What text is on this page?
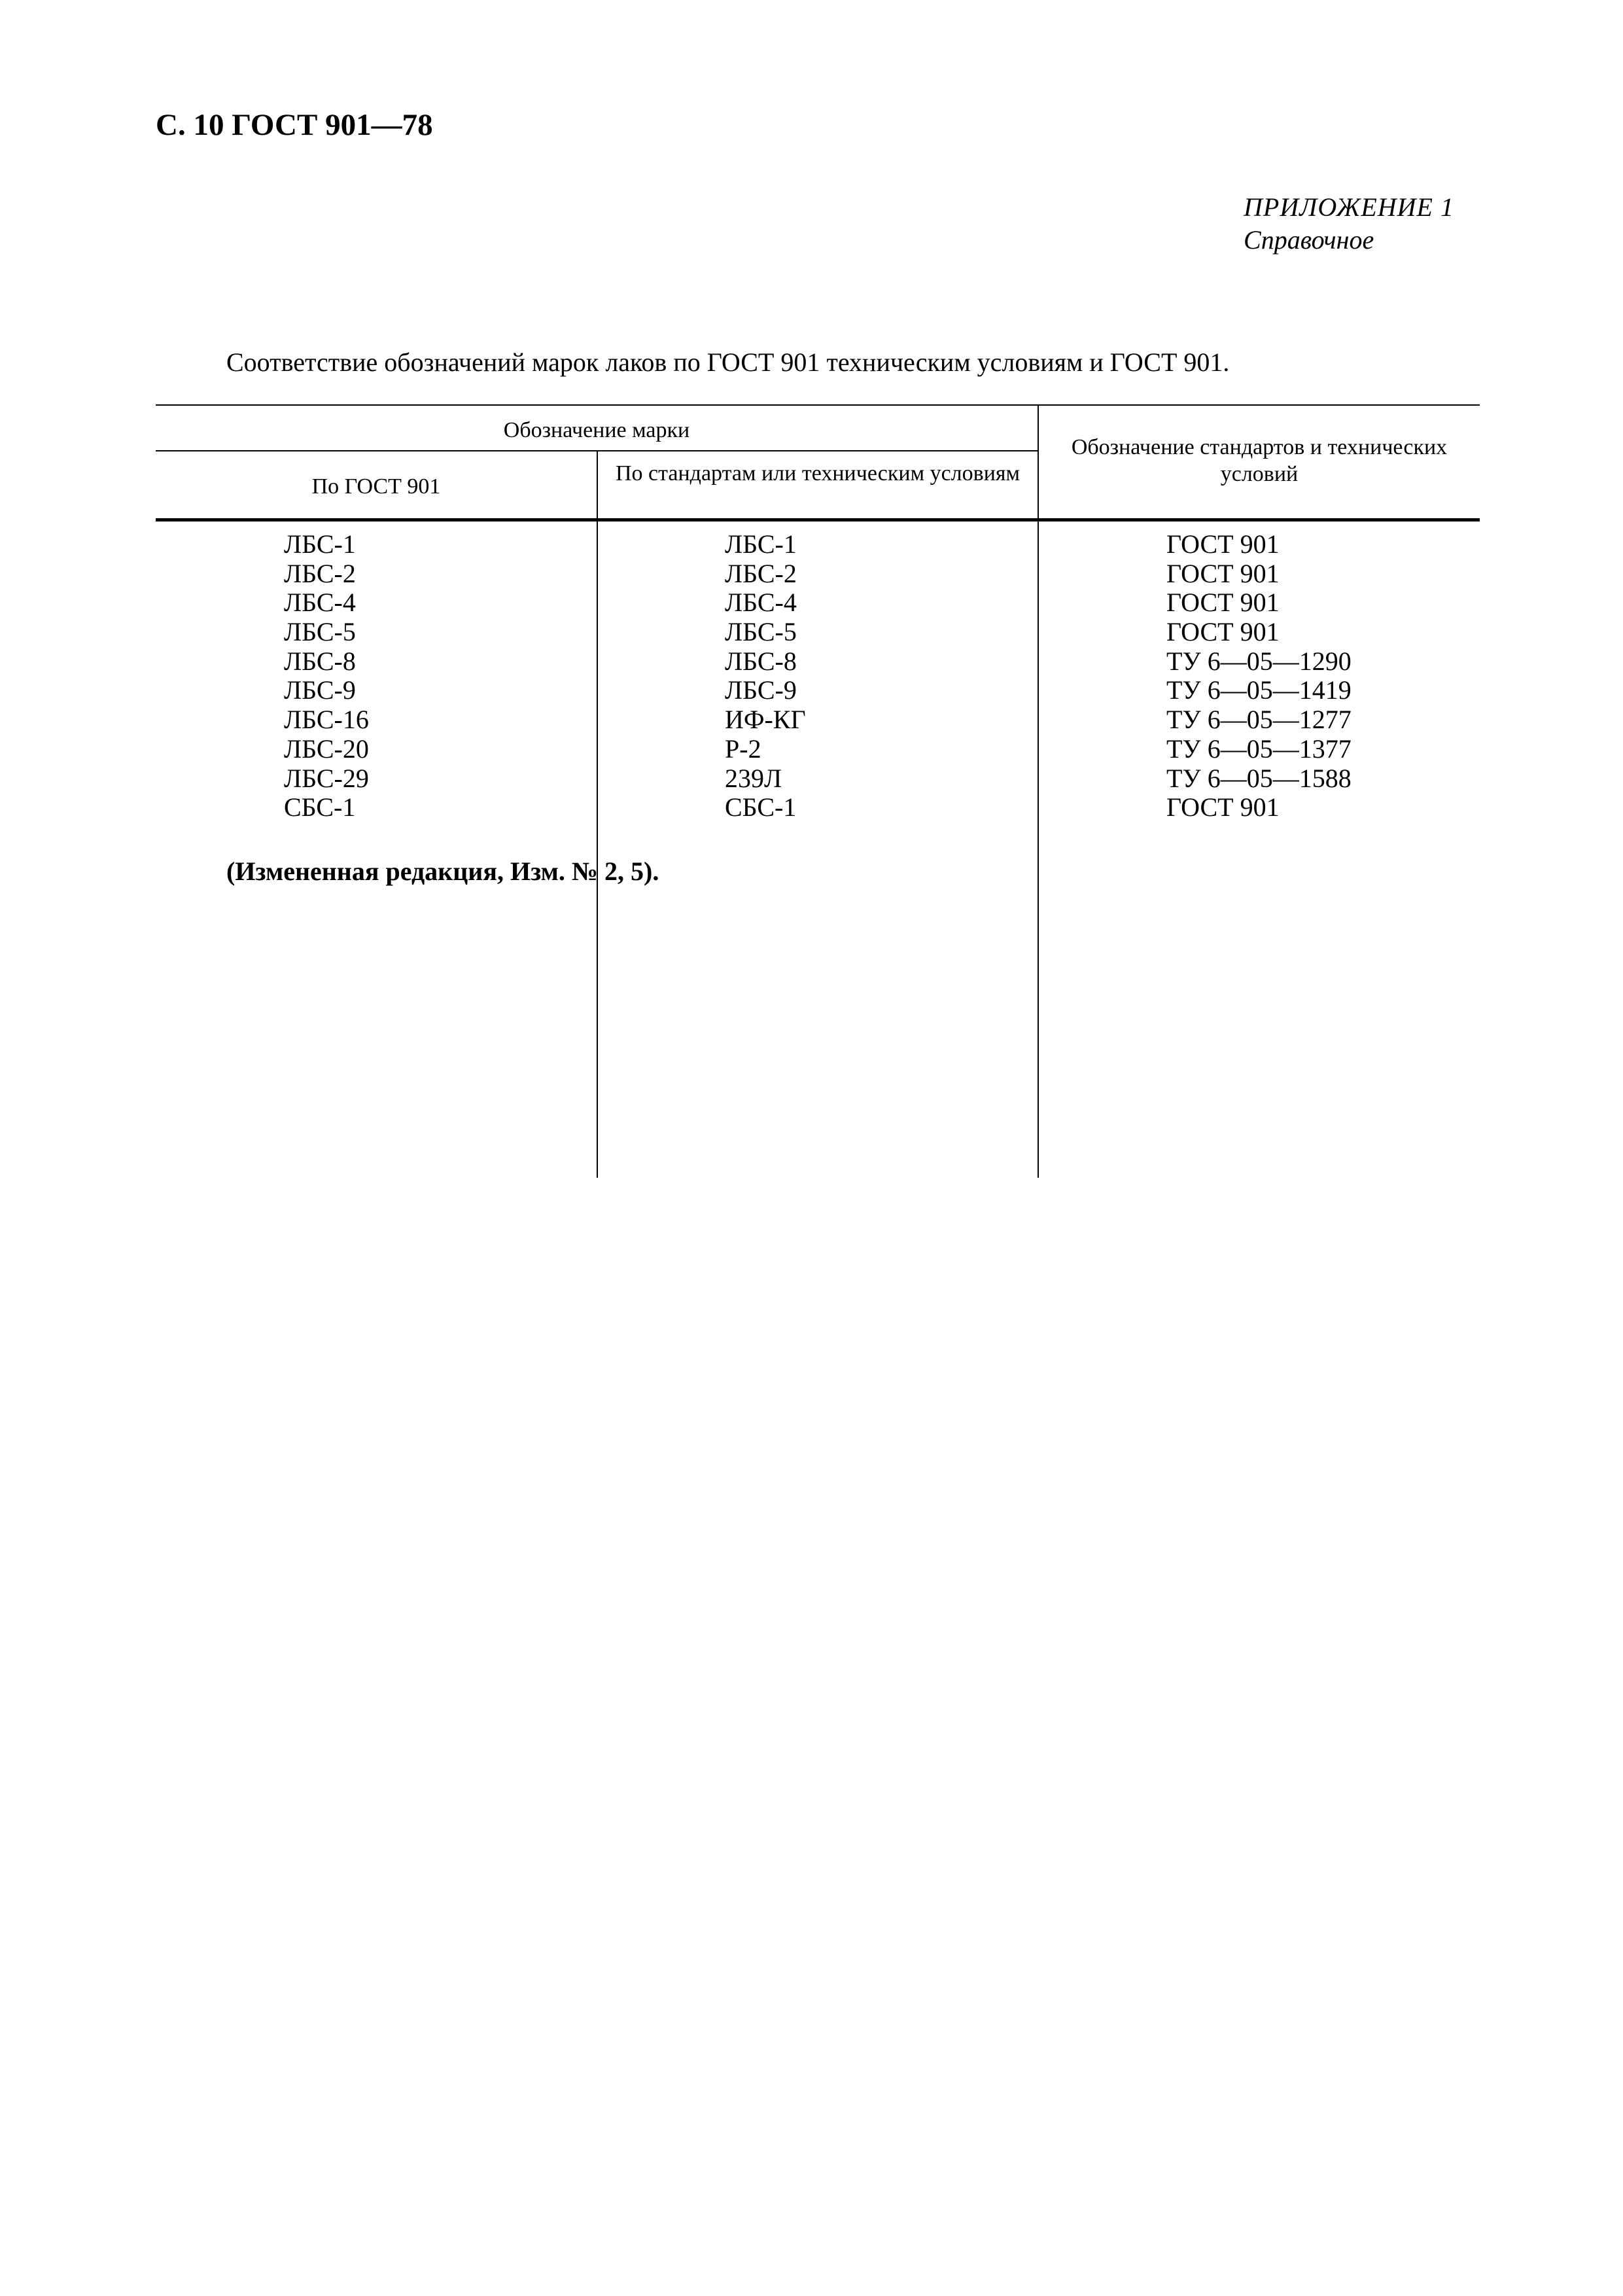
С. 10 ГОСТ 901—78
ПРИЛОЖЕНИЕ 1
Справочное
Соответствие обозначений марок лаков по ГОСТ 901 техническим условиям и ГОСТ 901.
Обозначение марки
По ГОСТ 901
По стандартам или техническим условиям
Обозначение стандартов и технических условий
ЛБС-1	ЛБС-1	ГОСТ 901
ЛБС-2	ЛБС-2	ГОСТ 901
ЛБС-4	ЛБС-4	ГОСТ 901
ЛБС-5	ЛБС-5	ГОСТ 901
ЛБС-8	ЛБС-8	ТУ 6—05—1290
ЛБС-9	ЛБС-9	ТУ 6—05—1419
ЛБС-16	ИФ-КГ	ТУ 6—05—1277
ЛБС-20	Р-2	ТУ 6—05—1377
ЛБС-29	239Л	ТУ 6—05—1588
СБС-1	СБС-1	ГОСТ 901
(Измененная редакция, Изм. № 2, 5).
